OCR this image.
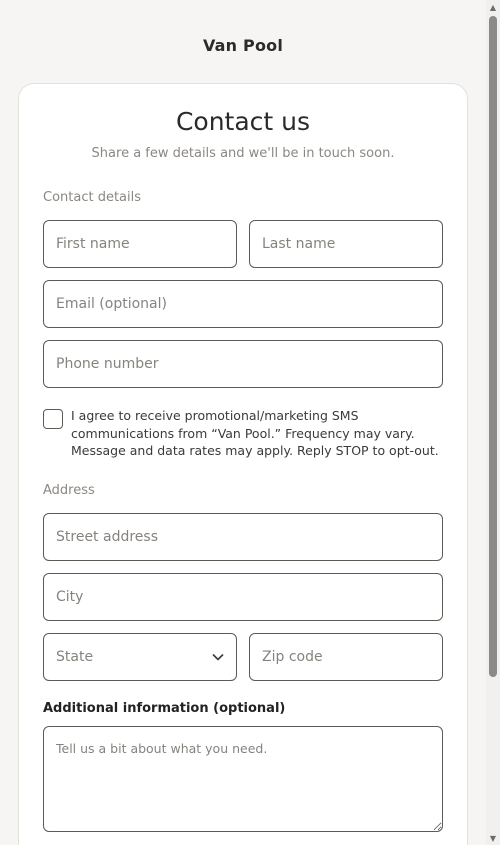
Van Pool
Contact us
Share a few details and we'll be in touch soon.
Contact details
First name
Last name
Email (optional)
Phone number
I agree to receive promotional/marketing SMS communications from “Van Pool.” Frequency may vary. Message and data rates may apply. Reply STOP to opt-out.
Address
Street address
City
State
Zip code
Additional information (optional)
Tell us a bit about what you need.
▲
▼
